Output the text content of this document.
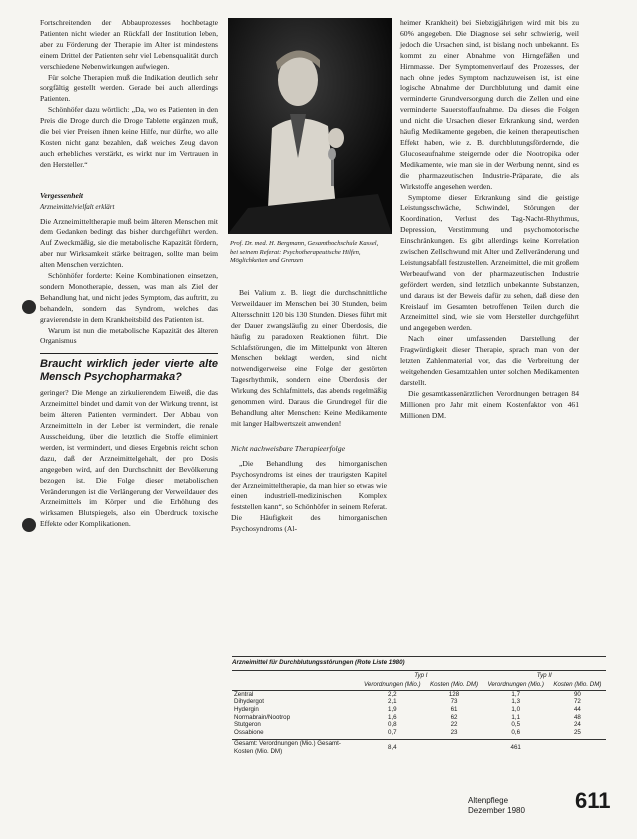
Fortschreitenden der Abbauprozesses hochbetagte Patienten nicht wieder an Rückfall der Institution leben, aber zu Förderung der Therapie im Alter ist mindestens einem Drittel der Patienten sehr viel Lebensqualität durch verschiedene Nebenwirkungen aufwiegen.

Für solche Therapien muß die Indikation deutlich sehr sorgfältig gestellt werden. Gerade bei auch allerdings Patienten.

Schönhöfer dazu wörtlich: „Da, wo es Patienten in den Preis die Droge durch die Droge Tablette ergänzen muß, die bei vier Preisen ihnen keine Hilfe, nur dürfte, wo alle Kosten nicht ganz bezahlen, daß weiches Zeug davon auch erhebliches verstärkt, es wirkt nur im Vertrauen in den Hersteller.“

Vergessenheit

Arzneimittelvielfalt erklärt

Die Arzneimitteltherapie muß beim älteren Menschen mit dem Gedanken bedingt das bisher durchgeführt werden. Auf Zweckmäßig, sie die metabolische Kapazität fördern, aber nur Wirksamkeit stärke beitragen, sollte man beim alten Menschen verzichten.

Schönhöfer forderte: Keine Kombinationen einsetzen, sondern Monotherapie, dessen, was man als Ziel der Behandlung hat, und nicht jedes Symptom, das auftritt, zu behandeln, sondern das Syndrom, welches das gravierendste in dem Krankheitsbild des Patienten ist.

Warum ist nun die metabolische Kapazität des älteren Organismus

Braucht wirklich jeder vierte alte Mensch Psychopharmaka?

geringer? Die Menge an zirkulierendem Eiweiß, die das Arzneimittel bindet und damit von der Wirkung trennt, ist beim älteren Patienten vermindert. Der Abbau von Arzneimitteln in der Leber ist vermindert, die renale Ausscheidung, über die letztlich die Stoffe eliminiert werden, ist vermindert, und dieses Ergebnis reicht schon dazu, daß der Arzneimittelgehalt, der pro Dosis angegeben wird, auf den Durchschnitt der Bevölkerung bezogen ist. Die Folge dieser metabolischen Veränderungen ist die Verlängerung der Verweildauer des Arzneimittels im Körper und die Erhöhung des wirksamen Blutspiegels, also ein Überdruck toxische Effekte oder Komplikationen.

Prof. Dr. med. H. Bergmann, Gesamthochschule Kassel, bei seinem Referat: Psychotherapeutische Hilfen, Möglichkeiten und Grenzen

Bei Valium z. B. liegt die durchschnittliche Verweildauer im Menschen bei 30 Stunden, beim Altersschnitt 120 bis 130 Stunden. Dieses führt mit der Dauer zwangsläufig zu einer Überdosis, die häufig zu paradoxen Reaktionen führt. Die Schlafstörungen, die im Mittelpunkt von älteren Menschen beklagt werden, sind nicht notwendigerweise eine Folge der gestörten Tagesrhythmik, sondern eine Überdosis der Wirkung des Schlafmittels, das abends regelmäßig genommen wird. Daraus die Grundregel für die Behandlung alter Menschen: Keine Medikamente mit langer Halbwertszeit anwenden!

Nicht nachweisbare Therapieerfolge

„Die Behandlung des himorganischen Psychosyndroms ist eines der traurigsten Kapitel der Arzneimitteltherapie, da man hier so etwas wie einen industriell-medizinischen Komplex feststellen kann“, so Schönhöfer in seinem Referat. Die Häufigkeit des himorganischen Psychosyndroms (Al-

heimer Krankheit) bei Siebzigjährigen wird mit bis zu 60% angegeben. Die Diagnose sei sehr schwierig, weil jedoch die Ursachen sind, ist bislang noch unbekannt. Es kommt zu einer Abnahme von Hirngefäßen und Hirnmasse. Der Symptomenverlauf des Prozesses, der nach ohne jedes Symptom nachzuweisen ist, ist eine logische Abnahme der Durchblutung und damit eine verminderte Grundversorgung durch die Zellen und eine verminderte Sauerstoffaufnahme. Da dieses die Folgen und nicht die Ursachen dieser Erkrankung sind, werden häufig Medikamente gegeben, die keinen therapeutischen Effekt haben, wie z. B. durchblutungsfördernde, die Glucoseaufnahme steigernde oder die Nootropika oder Medikamente, wie man sie in der Werbung nennt, sind es die pharmazeutischen Industrie-Präparate, die als Wirkstoffe angesehen werden.

Symptome dieser Erkrankung sind die geistige Leistungsschwäche, Schwindel, Störungen der Koordination, Verlust des Tag-Nacht-Rhythmus, Depression, Verstimmung und psychomotorische Einschränkungen. Es gibt allerdings keine Korrelation zwischen Zellschwund mit Alter und Zellveränderung und Leistungsabfall festzustellen. Arzneimittel, die mit großem Werbeaufwand von der pharmazeutischen Industrie gefördert werden, sind letztlich unbekannte Substanzen, und daraus ist der Beweis dafür zu sehen, daß diese den Kreislauf im Gesamten betroffenen Teilen durch die Arzneimittel sind, wie sie vom Hersteller durchgeführt und angegeben werden.

Nach einer umfassenden Darstellung der Fragwürdigkeit dieser Therapie, sprach man von der letzten Zahlenmaterial vor, das die Verbreitung der weitgehenden Gesamtzahlen unter solchen Medikamenten darstellt.

Die gesamtkassenärztlichen Verordnungen betragen 84 Millionen pro Jahr mit einem Kostenfaktor von 461 Millionen DM.

Arzneimittel für Durchblutungsstörungen (Rote Liste 1980)
	Typ I		Typ II	
	Verordnungen (Mio.)	Kosten (Mio. DM)	Verordnungen (Mio.)	Kosten (Mio. DM)
Zentral	2,2	128	1,7	90
Dihydergot	2,1	73	1,3	72
Hydergin	1,9	61	1,0	44
Normabrain/Nootrop	1,6	62	1,1	48
Stutgeron	0,8	22	0,5	24
Ossabione	0,7	23	0,6	25

Gesamt: Verordnungen (Mio.) Gesamt-Kosten (Mio. DM)	8,4		461	
Altenpflege
Dezember 1980 611
